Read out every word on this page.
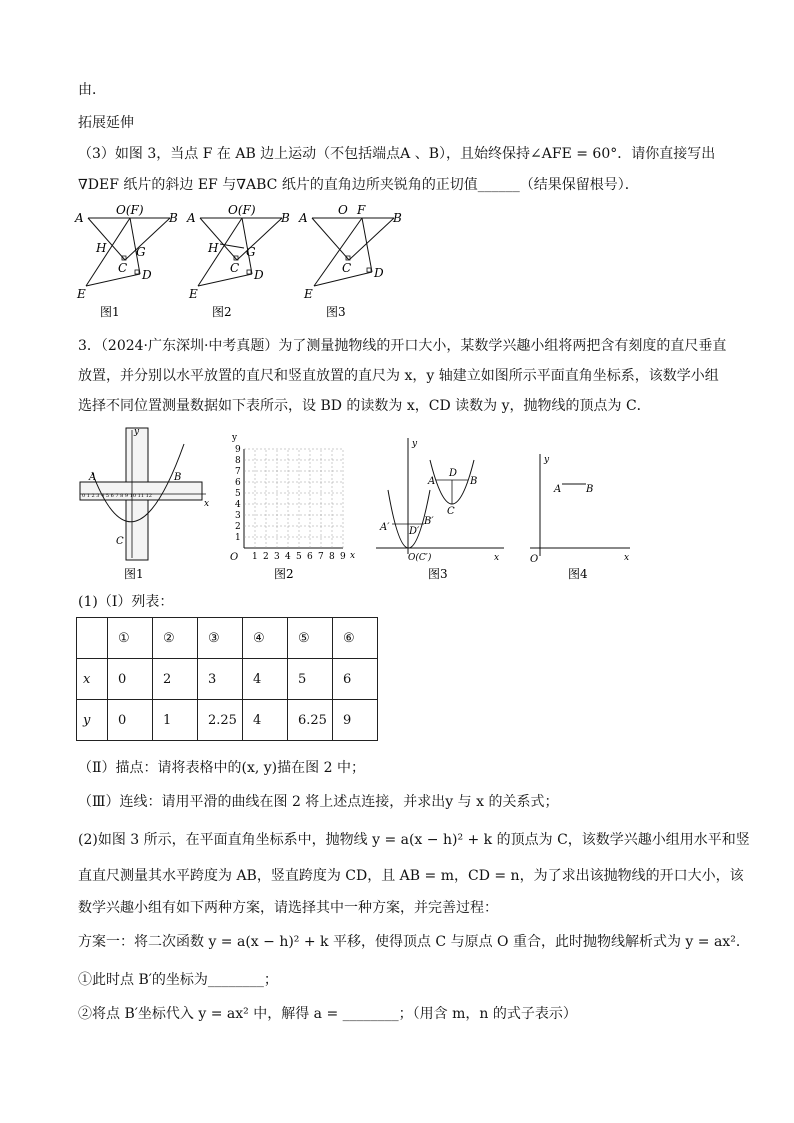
由．
拓展延伸
（3）如图 3，当点 F 在 AB 边上运动（不包括端点A 、B），且始终保持∠AFE = 60°．请你直接写出
∇DEF 纸片的斜边 EF 与∇ABC 纸片的直角边所夹锐角的正切值______（结果保留根号）．
A
O(F)
B
H G
C D
E
A
O(F)
B
H G
C D
E
A
O F
B
C D
E
图1	图2	图3
3．（2024·广东深圳·中考真题）为了测量抛物线的开口大小，某数学兴趣小组将两把含有刻度的直尺垂直
放置，并分别以水平放置的直尺和竖直放置的直尺为 x，y 轴建立如图所示平面直角坐标系，该数学小组
选择不同位置测量数据如下表所示，设 BD 的读数为 x，CD 读数为 y，抛物线的顶点为 C．
y
x
A	B
0 1 2 3 4 5 6 7 8 9 10 11 12
C
图1
1 2 3 4 5 6 7 8 9
1
2
3
4
5
6
7
8
9
y
x
O
图2
y
x
A
D
B
C
A′ D′
B′
O(C′)
图3
y
x
O
A B
图4
(1)（Ⅰ）列表：
	①	②	③	④	⑤	⑥
x	0	2	3	4	5	6
y	0	1	2.25	4	6.25	9
（Ⅱ）描点：请将表格中的(x, y)描在图 2 中；
（Ⅲ）连线：请用平滑的曲线在图 2 将上述点连接，并求出y 与 x 的关系式；
(2)如图 3 所示，在平面直角坐标系中，抛物线 y = a(x − h)² + k 的顶点为 C，该数学兴趣小组用水平和竖
直直尺测量其水平跨度为 AB，竖直跨度为 CD，且 AB = m，CD = n，为了求出该抛物线的开口大小，该
数学兴趣小组有如下两种方案，请选择其中一种方案，并完善过程：
方案一：将二次函数 y = a(x − h)² + k 平移，使得顶点 C 与原点 O 重合，此时抛物线解析式为 y = ax²．
①此时点 B′的坐标为________；
②将点 B′坐标代入 y = ax² 中，解得 a = ________；（用含 m，n 的式子表示）
